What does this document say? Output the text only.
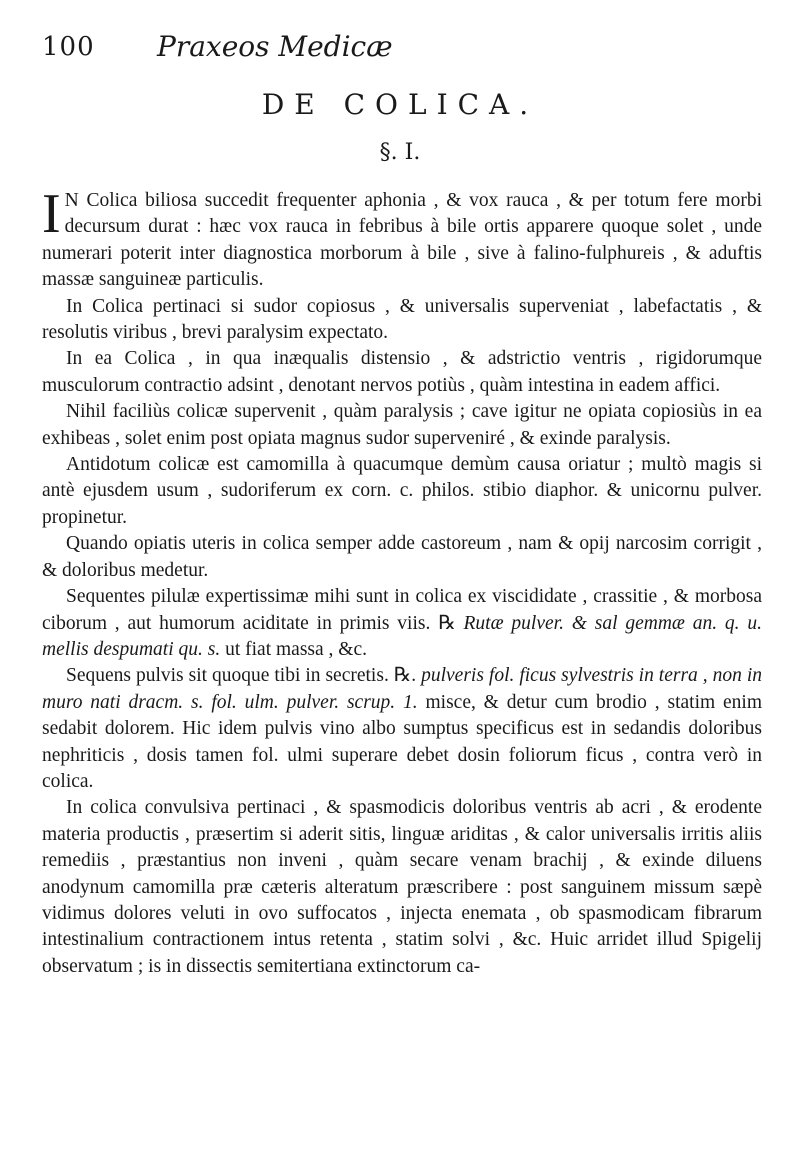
100 Praxeos Medicæ
DE COLICA.
§. I.

I N Colica biliosa succedit frequenter aphonia , & vox rauca , & per totum fere morbi decursum durat : hæc vox rauca in febribus à bile ortis apparere quoque solet , unde numerari poterit inter diagnostica morborum à bile , sive à falino-fulphureis , & aduftis massæ sanguineæ particulis.

In Colica pertinaci si sudor copiosus , & universalis superveniat , labefactatis , & resolutis viribus , brevi paralysim expectato.

In ea Colica , in qua inæqualis distensio , & adstrictio ventris , rigidorumque musculorum contractio adsint , denotant nervos potiùs , quàm intestina in eadem affici.

Nihil faciliùs colicæ supervenit , quàm paralysis ; cave igitur ne opiata copiosiùs in ea exhibeas , solet enim post opiata magnus sudor superveniré , & exinde paralysis.

Antidotum colicæ est camomilla à quacumque demùm causa oriatur ; multò magis si antè ejusdem usum , sudoriferum ex corn. c. philos. stibio diaphor. & unicornu pulver. propinetur.

Quando opiatis uteris in colica semper adde castoreum , nam & opij narcosim corrigit , & doloribus medetur.

Sequentes pilulæ expertissimæ mihi sunt in colica ex viscididate , crassitie , & morbosa ciborum , aut humorum aciditate in primis viis. ℞ Rutæ pulver. & sal gemmæ an. q. u. mellis despumati qu. s. ut fiat massa , &c.

Sequens pulvis sit quoque tibi in secretis. ℞. pulveris fol. ficus sylvestris in terra , non in muro nati dracm. s. fol. ulm. pulver. scrup. 1. misce, & detur cum brodio , statim enim sedabit dolorem. Hic idem pulvis vino albo sumptus specificus est in sedandis doloribus nephriticis , dosis tamen fol. ulmi superare debet dosin foliorum ficus , contra verò in colica.

In colica convulsiva pertinaci , & spasmodicis doloribus ventris ab acri , & erodente materia productis , præsertim si aderit sitis, linguæ ariditas , & calor universalis irritis aliis remediis , præstantius non inveni , quàm secare venam brachij , & exinde diluens anodynum camomilla præ cæteris alteratum præscribere : post sanguinem missum sæpè vidimus dolores veluti in ovo suffocatos , injecta enemata , ob spasmodicam fibrarum intestinalium contractionem intus retenta , statim solvi , &c. Huic arridet illud Spigelij observatum ; is in dissectis semitertiana extinctorum ca-
